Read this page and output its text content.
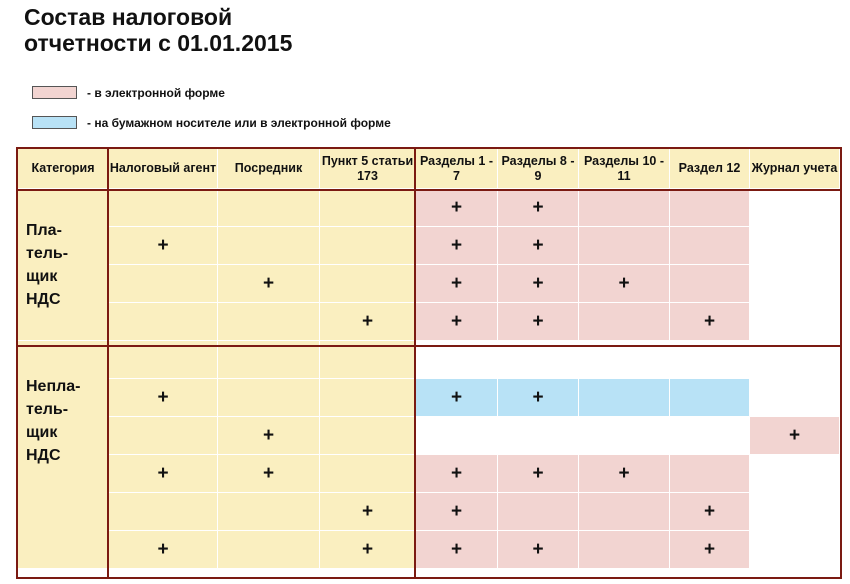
Состав налоговой
отчетности с 01.01.2015
- в электронной форме
- на бумажном носителе или в электронной форме
Категория	Налоговый агент	Посредник	Пункт 5 статьи 173	Разделы 1 - 7	Разделы 8 - 9	Разделы 10 - 11	Раздел 12	Журнал учета

Пла-
тель-
щик
НДС				+	+			
	+			+	+			
		+		+	+	+		
			+	+	+		+	

Непла-
тель-
щик
НДС								

	+			+	+			
		+						+
	+	+		+	+	+		
			+	+			+	
	+		+	+	+		+	
